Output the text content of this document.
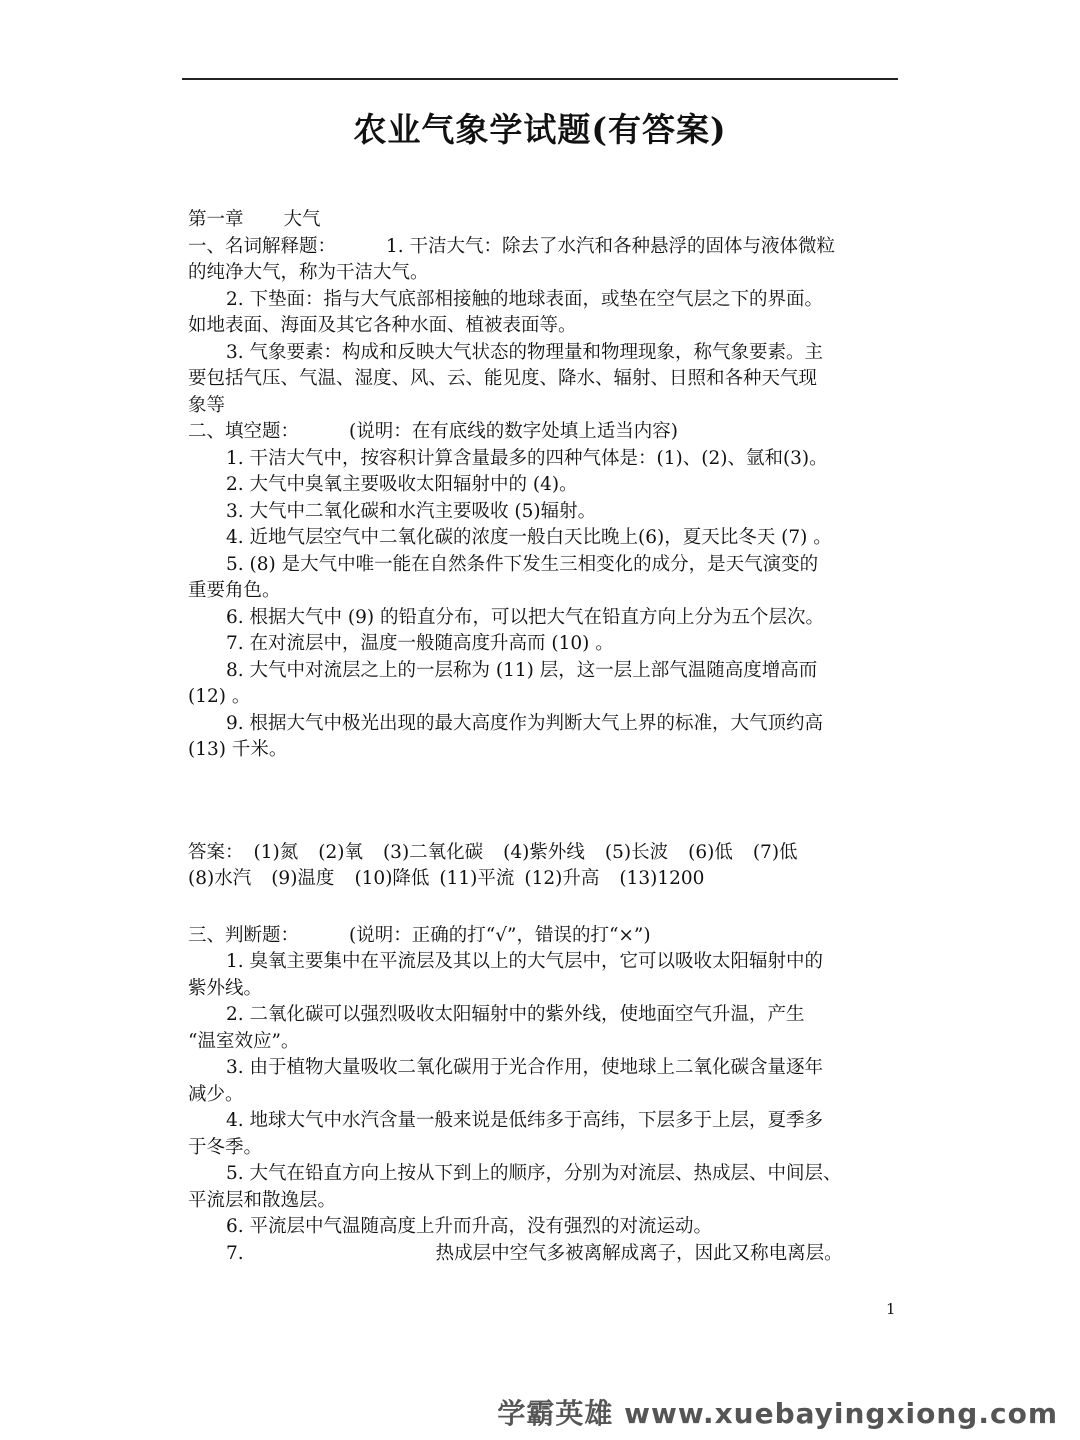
农业气象学试题(有答案)
第一章 大气
一、名词解释题：	1. 干洁大气：除去了水汽和各种悬浮的固体与液体微粒
的纯净大气，称为干洁大气。
2. 下垫面：指与大气底部相接触的地球表面，或垫在空气层之下的界面。
如地表面、海面及其它各种水面、植被表面等。
3. 气象要素：构成和反映大气状态的物理量和物理现象，称气象要素。主
要包括气压、气温、湿度、风、云、能见度、降水、辐射、日照和各种天气现
象等
二、填空题：	(说明：在有底线的数字处填上适当内容)
1. 干洁大气中，按容积计算含量最多的四种气体是：(1)、(2)、氩和(3)。
2. 大气中臭氧主要吸收太阳辐射中的 (4)。
3. 大气中二氧化碳和水汽主要吸收 (5)辐射。
4. 近地气层空气中二氧化碳的浓度一般白天比晚上(6)，夏天比冬天 (7) 。
5. (8) 是大气中唯一能在自然条件下发生三相变化的成分，是天气演变的
重要角色。
6. 根据大气中 (9) 的铅直分布，可以把大气在铅直方向上分为五个层次。
7. 在对流层中，温度一般随高度升高而 (10) 。
8. 大气中对流层之上的一层称为 (11) 层，这一层上部气温随高度增高而
(12) 。
9. 根据大气中极光出现的最大高度作为判断大气上界的标准，大气顶约高
(13) 千米。
答案： (1)氮 (2)氧 (3)二氧化碳 (4)紫外线 (5)长波 (6)低 (7)低
(8)水汽 (9)温度 (10)降低 (11)平流 (12)升高 (13)1200
三、判断题：	(说明：正确的打“√”，错误的打“×”)
1. 臭氧主要集中在平流层及其以上的大气层中，它可以吸收太阳辐射中的
紫外线。
2. 二氧化碳可以强烈吸收太阳辐射中的紫外线，使地面空气升温，产生
“温室效应”。
3. 由于植物大量吸收二氧化碳用于光合作用，使地球上二氧化碳含量逐年
减少。
4. 地球大气中水汽含量一般来说是低纬多于高纬，下层多于上层，夏季多
于冬季。
5. 大气在铅直方向上按从下到上的顺序，分别为对流层、热成层、中间层、
平流层和散逸层。
6. 平流层中气温随高度上升而升高，没有强烈的对流运动。
7.	热成层中空气多被离解成离子，因此又称电离层。
1
学霸英雄 www.xuebayingxiong.com
